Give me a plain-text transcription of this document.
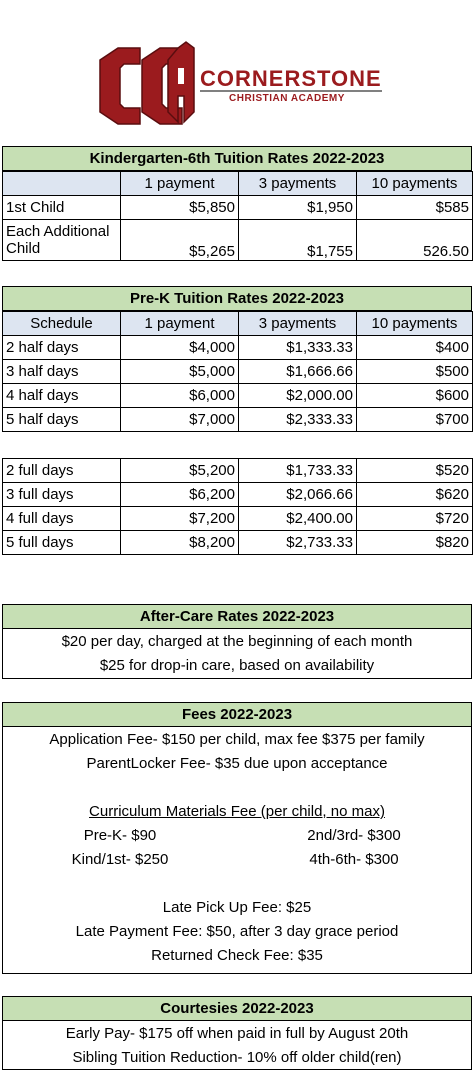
CORNERSTONE
CHRISTIAN ACADEMY
Kindergarten-6th Tuition Rates 2022-2023
	1 payment	3 payments	10 payments
1st Child	$5,850	$1,950	$585
Each Additional Child	$5,265	$1,755	526.50
Pre-K Tuition Rates 2022-2023
Schedule	1 payment	3 payments	10 payments
2 half days	$4,000	$1,333.33	$400
3 half days	$5,000	$1,666.66	$500
4 half days	$6,000	$2,000.00	$600
5 half days	$7,000	$2,333.33	$700
2 full days	$5,200	$1,733.33	$520
3 full days	$6,200	$2,066.66	$620
4 full days	$7,200	$2,400.00	$720
5 full days	$8,200	$2,733.33	$820
After-Care Rates 2022-2023
$20 per day, charged at the beginning of each month
$25 for drop-in care, based on availability
Fees 2022-2023
Application Fee- $150 per child, max fee $375 per family
ParentLocker Fee- $35 due upon acceptance
Curriculum Materials Fee (per child, no max)
Pre-K- $90	2nd/3rd- $300
Kind/1st- $250	4th-6th- $300
Late Pick Up Fee: $25
Late Payment Fee: $50, after 3 day grace period
Returned Check Fee: $35
Courtesies 2022-2023
Early Pay- $175 off when paid in full by August 20th
Sibling Tuition Reduction- 10% off older child(ren)
